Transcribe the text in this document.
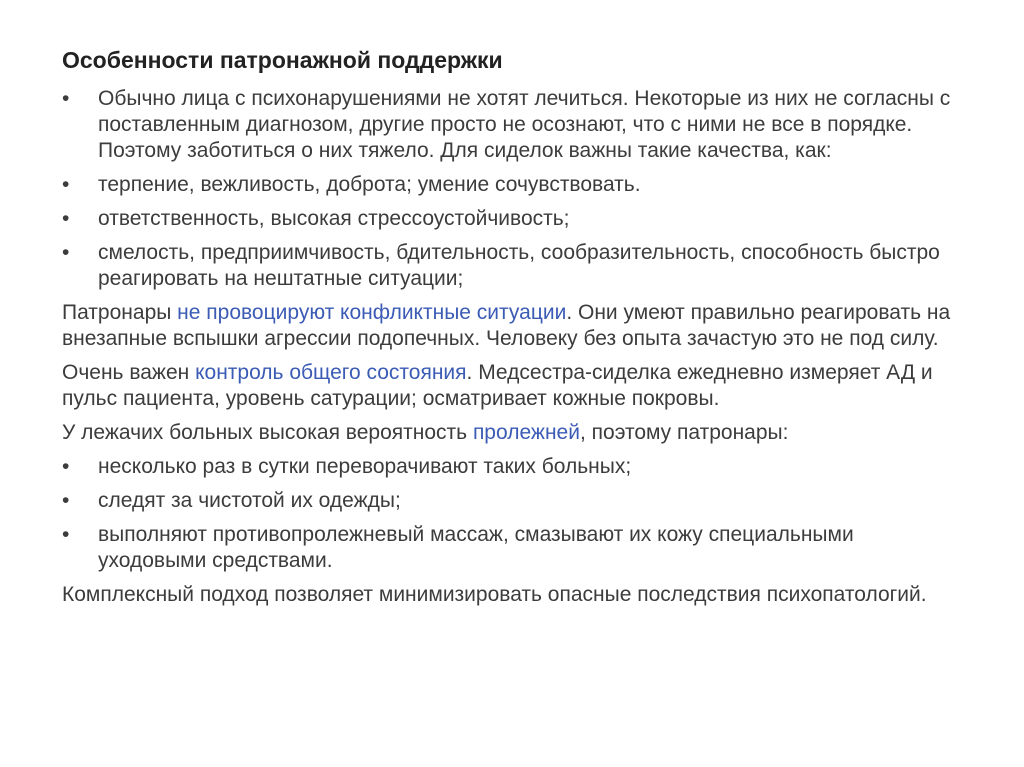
Особенности патронажной поддержки
•	Обычно лица с психонарушениями не хотят лечиться. Некоторые из них не согласны с поставленным диагнозом, другие просто не осознают, что с ними не все в порядке. Поэтому заботиться о них тяжело. Для сиделок важны такие качества, как:
•	терпение, вежливость, доброта; умение сочувствовать.
•	ответственность, высокая стрессоустойчивость;
•	смелость, предприимчивость, бдительность, сообразительность, способность быстро реагировать на нештатные ситуации;

Патронары не провоцируют конфликтные ситуации. Они умеют правильно реагировать на внезапные вспышки агрессии подопечных. Человеку без опыта зачастую это не под силу.

Очень важен контроль общего состояния. Медсестра-сиделка ежедневно измеряет АД и пульс пациента, уровень сатурации; осматривает кожные покровы.

У лежачих больных высокая вероятность пролежней, поэтому патронары:

•	несколько раз в сутки переворачивают таких больных;
•	следят за чистотой их одежды;
•	выполняют противопролежневый массаж, смазывают их кожу специальными уходовыми средствами.

Комплексный подход позволяет минимизировать опасные последствия психопатологий.
